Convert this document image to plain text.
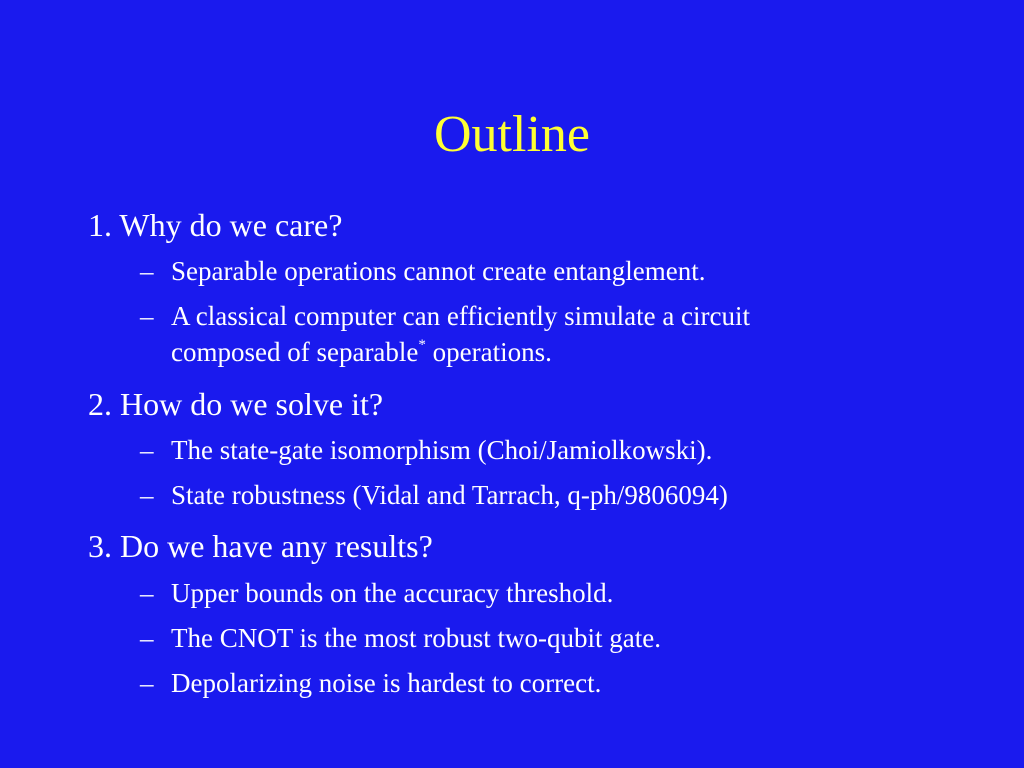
Outline
1. Why do we care?
– Separable operations cannot create entanglement.
– A classical computer can efficiently simulate a circuit
composed of separable* operations.
2. How do we solve it?
– The state-gate isomorphism (Choi/Jamiolkowski).
– State robustness (Vidal and Tarrach, q-ph/9806094)
3. Do we have any results?
– Upper bounds on the accuracy threshold.
– The CNOT is the most robust two-qubit gate.
– Depolarizing noise is hardest to correct.
